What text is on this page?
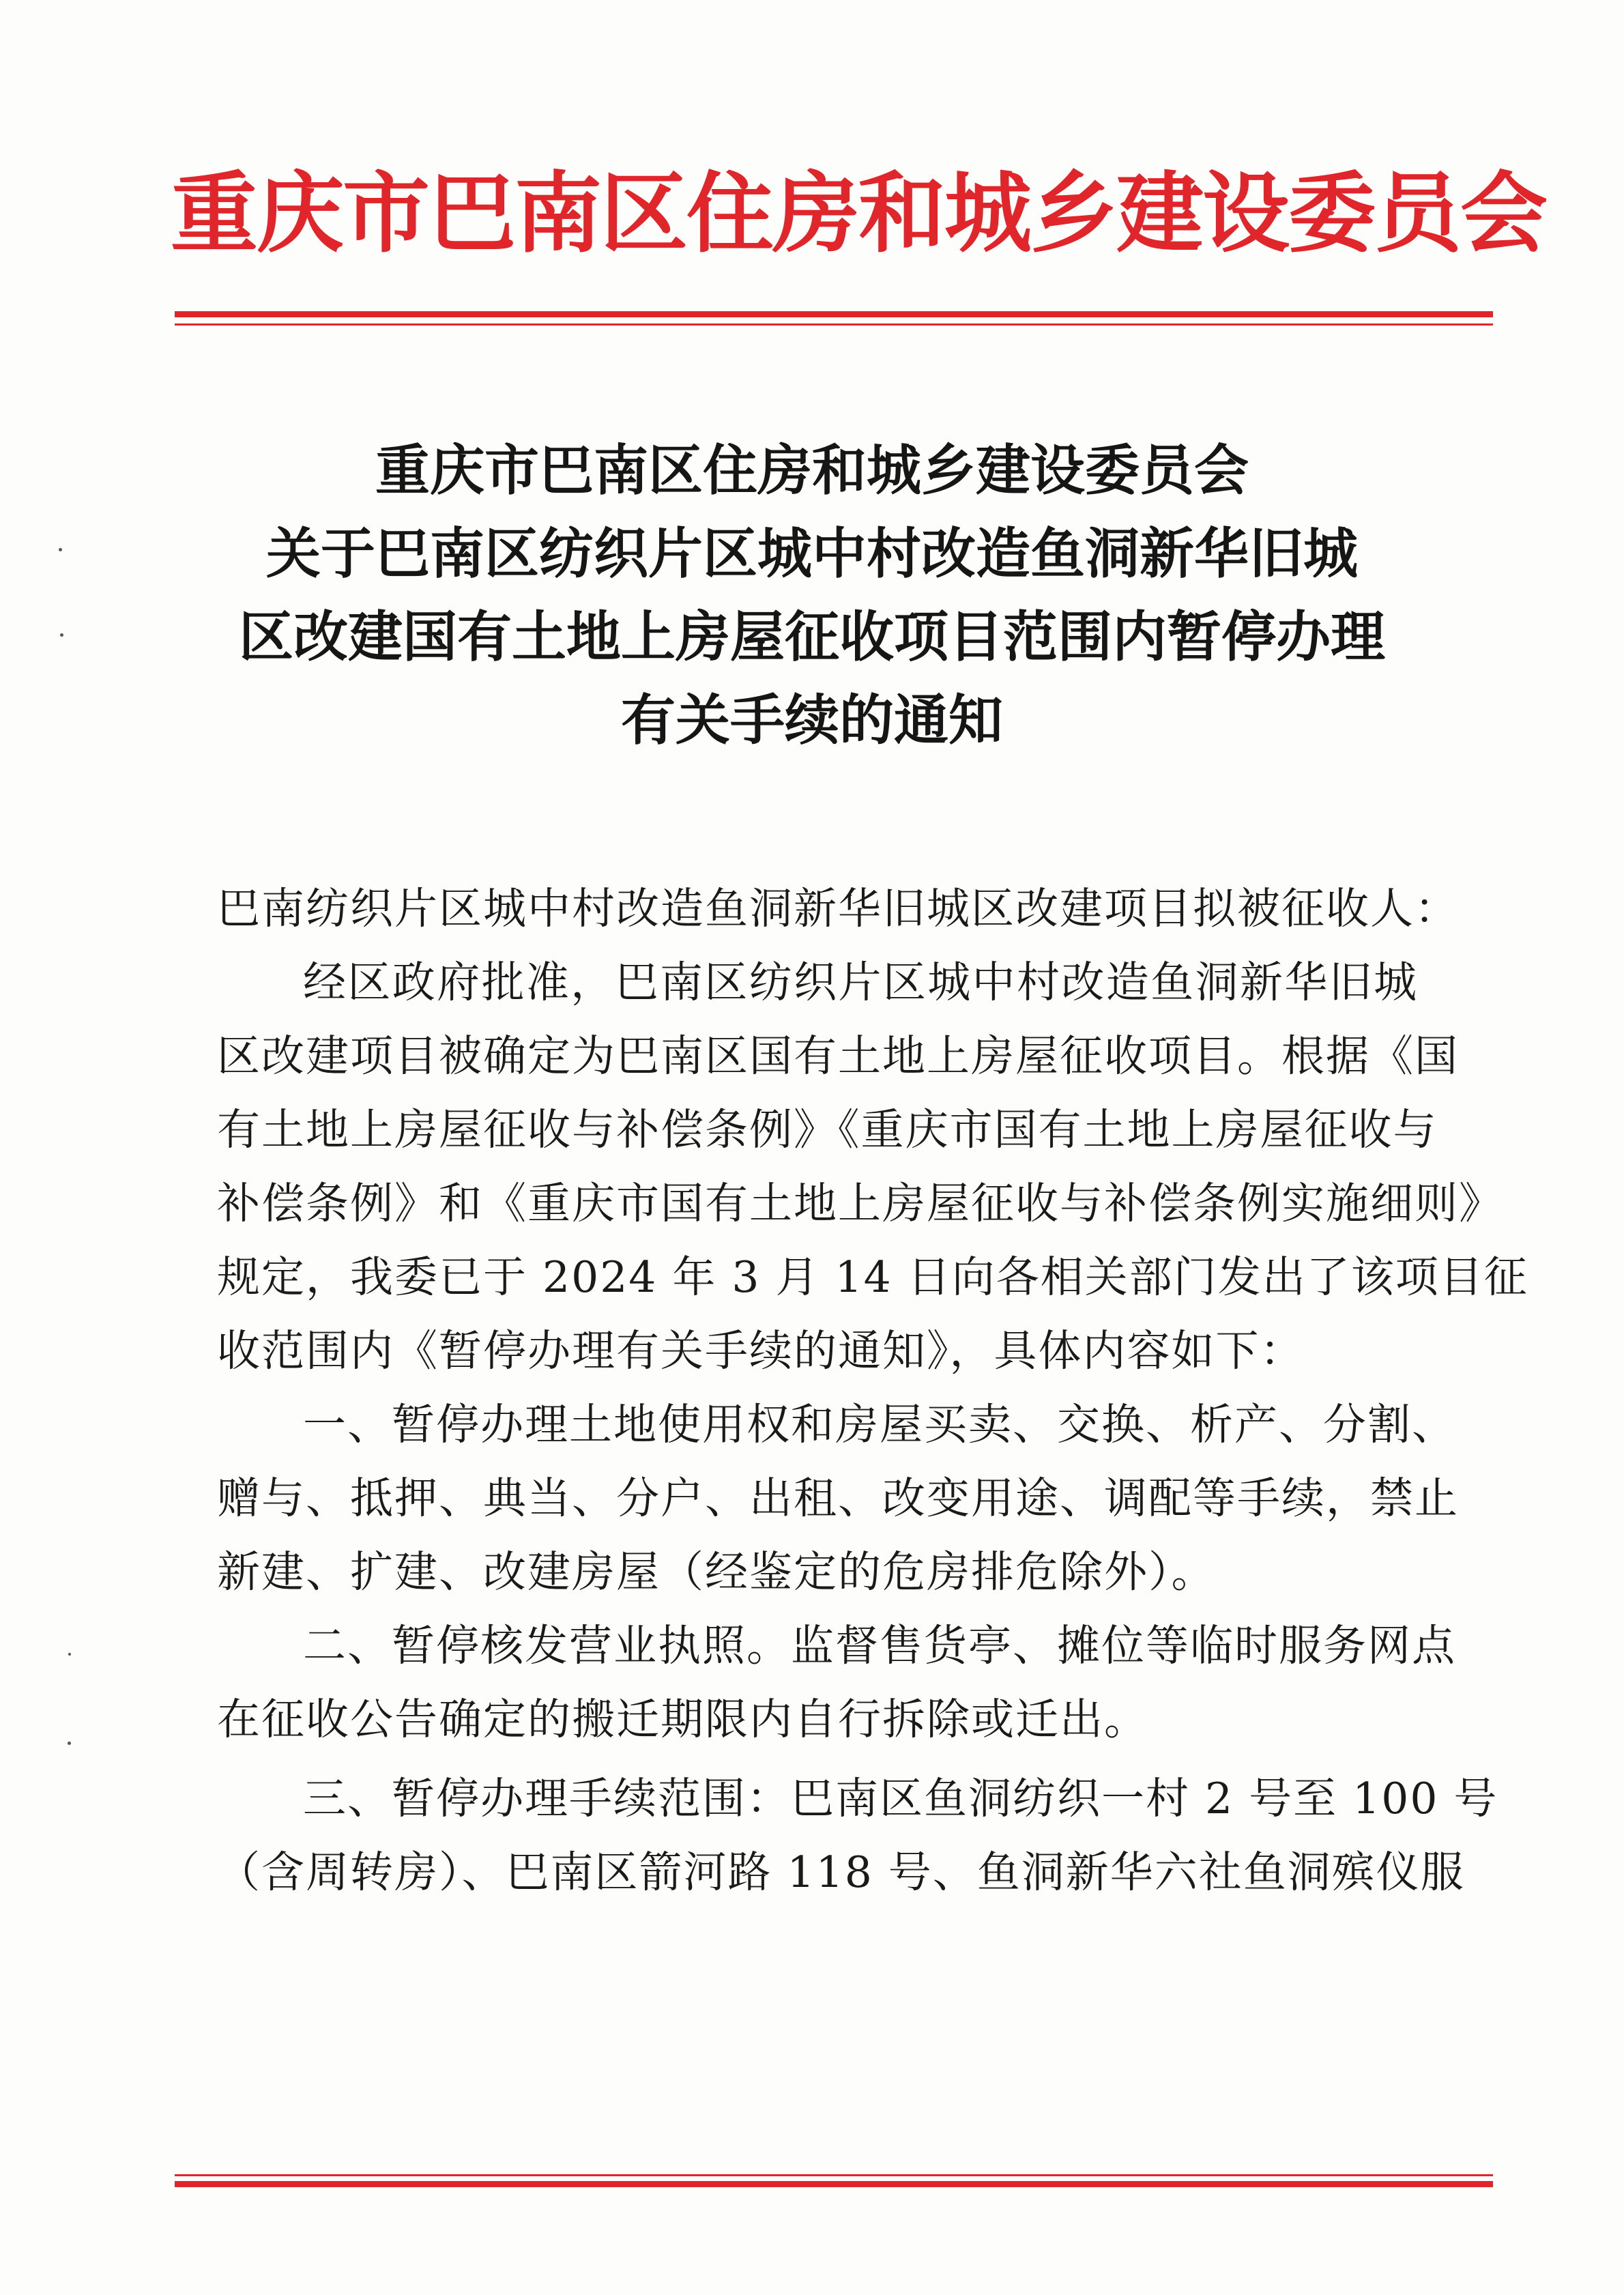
重庆市巴南区住房和城乡建设委员会
重庆市巴南区住房和城乡建设委员会
关于巴南区纺织片区城中村改造鱼洞新华旧城
区改建国有土地上房屋征收项目范围内暂停办理
有关手续的通知
巴南纺织片区城中村改造鱼洞新华旧城区改建项目拟被征收人：
经区政府批准，巴南区纺织片区城中村改造鱼洞新华旧城
区改建项目被确定为巴南区国有土地上房屋征收项目。根据《国
有土地上房屋征收与补偿条例》《重庆市国有土地上房屋征收与
补偿条例》和《重庆市国有土地上房屋征收与补偿条例实施细则》
规定，我委已于 2024 年 3 月 14 日向各相关部门发出了该项目征
收范围内《暂停办理有关手续的通知》，具体内容如下：
一、暂停办理土地使用权和房屋买卖、交换、析产、分割、
赠与、抵押、典当、分户、出租、改变用途、调配等手续，禁止
新建、扩建、改建房屋（经鉴定的危房排危除外）。
二、暂停核发营业执照。监督售货亭、摊位等临时服务网点
在征收公告确定的搬迁期限内自行拆除或迁出。
三、暂停办理手续范围：巴南区鱼洞纺织一村 2 号至 100 号
（含周转房）、巴南区箭河路 118 号、鱼洞新华六社鱼洞殡仪服
